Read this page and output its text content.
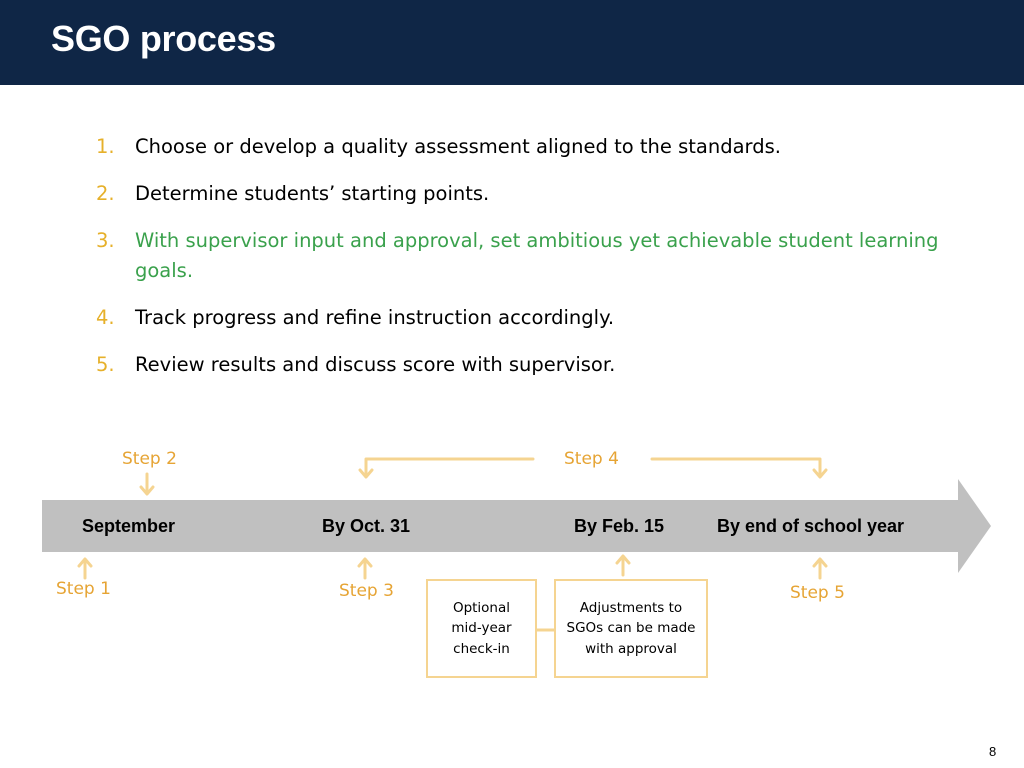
SGO process
1. Choose or develop a quality assessment aligned to the standards.
2. Determine students’ starting points.
3. With supervisor input and approval, set ambitious yet achievable student learning goals.
4. Track progress and refine instruction accordingly.
5. Review results and discuss score with supervisor.
September	By Oct. 31	By Feb. 15	By end of school year
Step 2	Step 4
Step 1	Step 3	Step 5
Optional
mid-year
check-in
Adjustments to
SGOs can be made
with approval
8
